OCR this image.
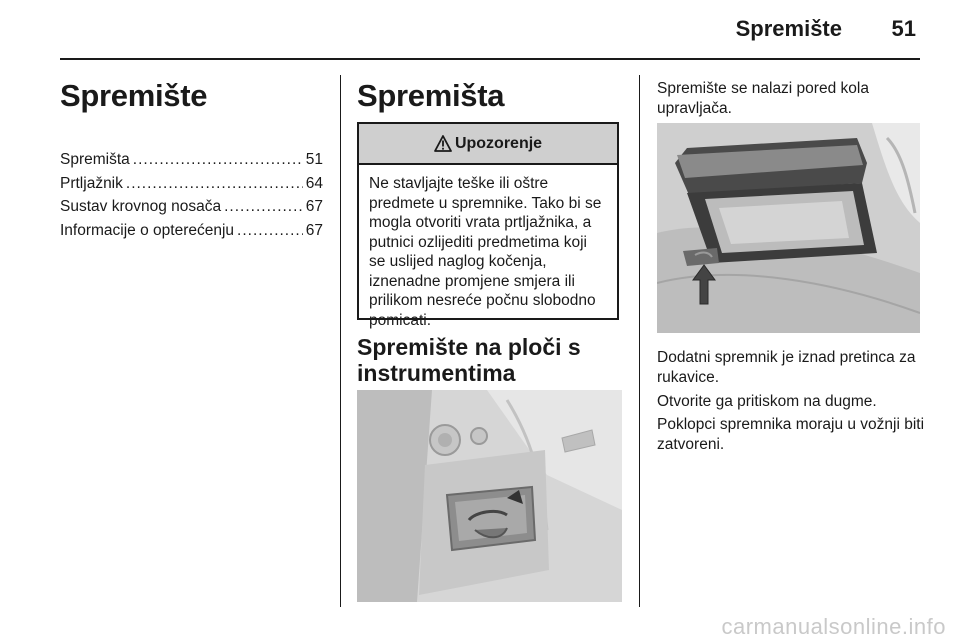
Spremište 51
Spremište
Spremišta .....	51
Prtljažnik .....	64
Sustav krovnog nosača .....	67
Informacije o opterećenju .....	67
Spremišta
Upozorenje
Ne stavljajte teške ili oštre predmete u spremnike. Tako bi se mogla otvoriti vrata prtljažnika, a putnici ozlijediti predmetima koji se uslijed naglog kočenja, iznenadne promjene smjera ili prilikom nesreće počnu slobodno pomicati.
Spremište na ploči s instrumentima
Spremište se nalazi pored kola upravljača.
Dodatni spremnik je iznad pretinca za rukavice.
Otvorite ga pritiskom na dugme.
Poklopci spremnika moraju u vožnji biti zatvoreni.
carmanualsonline.info
